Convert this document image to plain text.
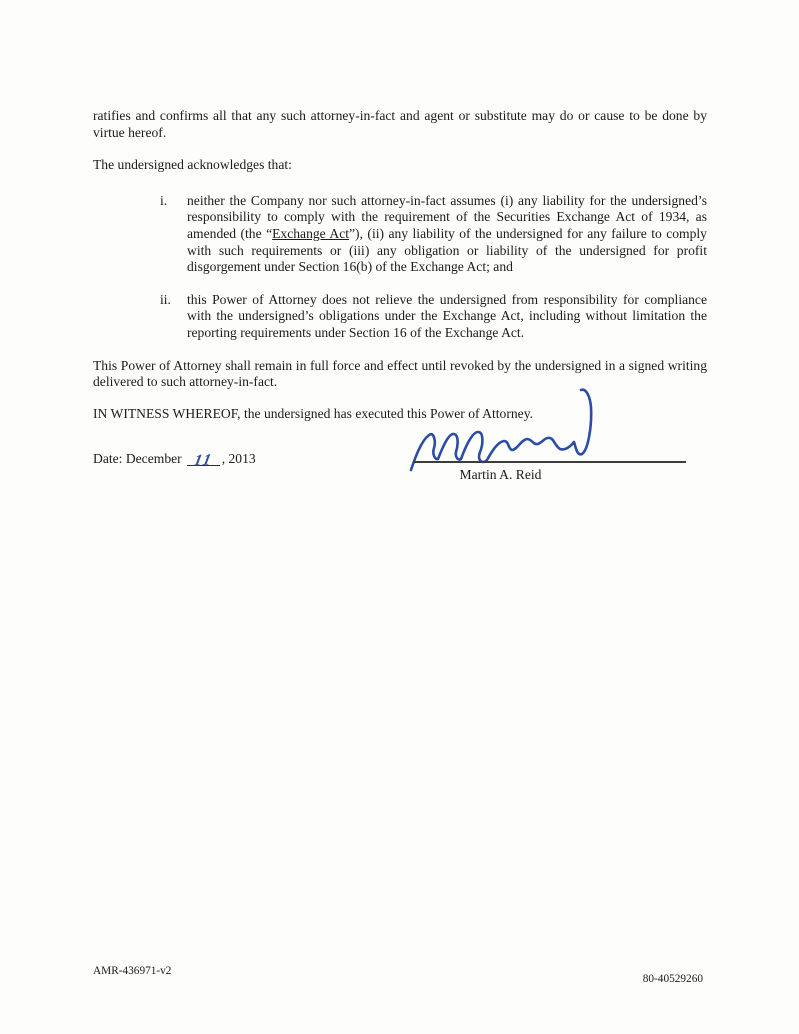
ratifies and confirms all that any such attorney-in-fact and agent or substitute may do or cause to be done by virtue hereof.

The undersigned acknowledges that:

i.	neither the Company nor such attorney-in-fact assumes (i) any liability for the undersigned’s responsibility to comply with the requirement of the Securities Exchange Act of 1934, as amended (the “Exchange Act”), (ii) any liability of the undersigned for any failure to comply with such requirements or (iii) any obligation or liability of the undersigned for profit disgorgement under Section 16(b) of the Exchange Act; and
ii.	this Power of Attorney does not relieve the undersigned from responsibility for compliance with the undersigned’s obligations under the Exchange Act, including without limitation the reporting requirements under Section 16 of the Exchange Act.

This Power of Attorney shall remain in full force and effect until revoked by the undersigned in a signed writing delivered to such attorney-in-fact.

IN WITNESS WHEREOF, the undersigned has executed this Power of Attorney.

Date: December 11 , 2013
Martin A. Reid
AMR-436971-v2
80-40529260
